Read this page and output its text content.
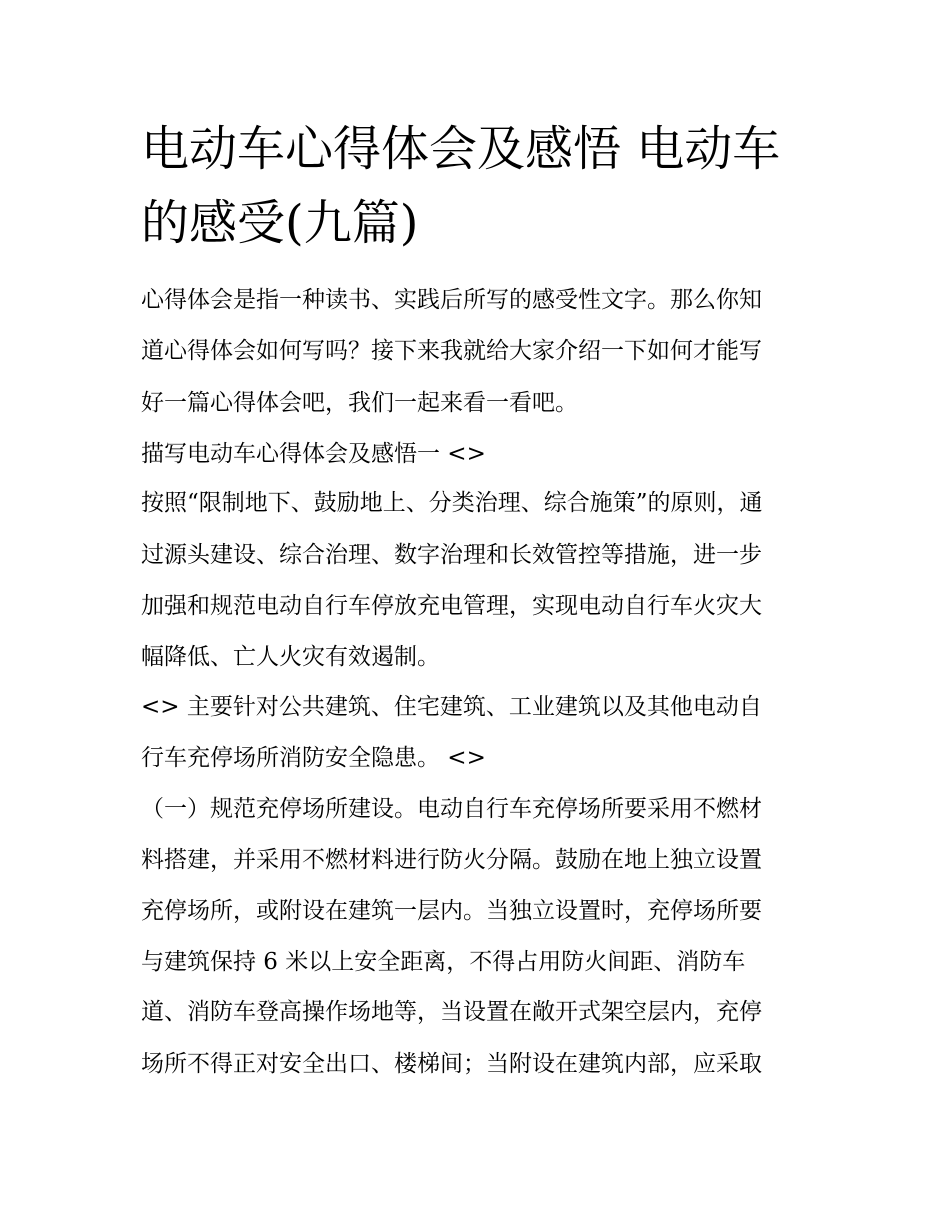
电动车心得体会及感悟 电动车的感受(九篇)

心得体会是指一种读书、实践后所写的感受性文字。那么你知

道心得体会如何写吗？接下来我就给大家介绍一下如何才能写

好一篇心得体会吧，我们一起来看一看吧。

描写电动车心得体会及感悟一 <>

按照“限制地下、鼓励地上、分类治理、综合施策”的原则，通

过源头建设、综合治理、数字治理和长效管控等措施，进一步

加强和规范电动自行车停放充电管理，实现电动自行车火灾大

幅降低、亡人火灾有效遏制。

<> 主要针对公共建筑、住宅建筑、工业建筑以及其他电动自

行车充停场所消防安全隐患。 <>

（一）规范充停场所建设。电动自行车充停场所要采用不燃材

料搭建，并采用不燃材料进行防火分隔。鼓励在地上独立设置

充停场所，或附设在建筑一层内。当独立设置时，充停场所要

与建筑保持 6 米以上安全距离，不得占用防火间距、消防车

道、消防车登高操作场地等，当设置在敞开式架空层内，充停

场所不得正对安全出口、楼梯间；当附设在建筑内部，应采取
